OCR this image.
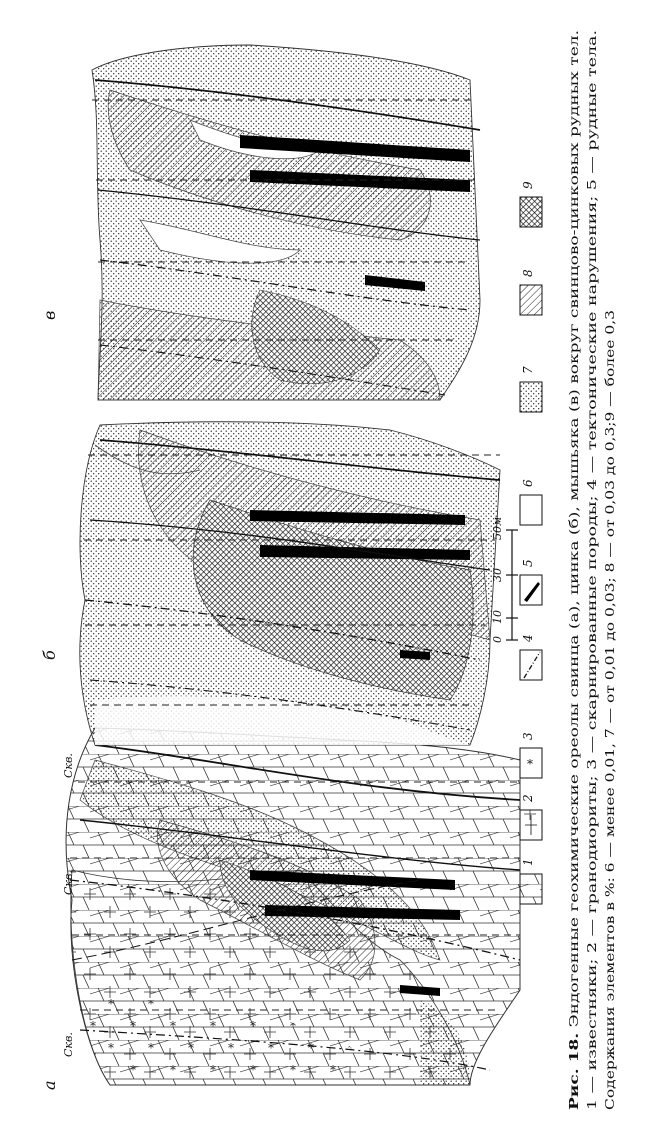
а
Скв.
Скв.
Скв.
б
в
0
10
30
50м
1
2
*
3
4
5
6
7
8
9
Рис. 18. Эндогенные геохимические ореолы свинца (а), цинка (б), мышьяка (в) вокруг свинцово-цинковых рудных тел. 1 — известняки; 2 — гранодиориты; 3 — скарнированные породы; 4 — тектонические нарушения; 5 — рудные тела. Содержания элементов в %: 6 — менее 0,01, 7 — от 0,01 до 0,03; 8 — от 0,03 до 0,3;9 — более 0,3
